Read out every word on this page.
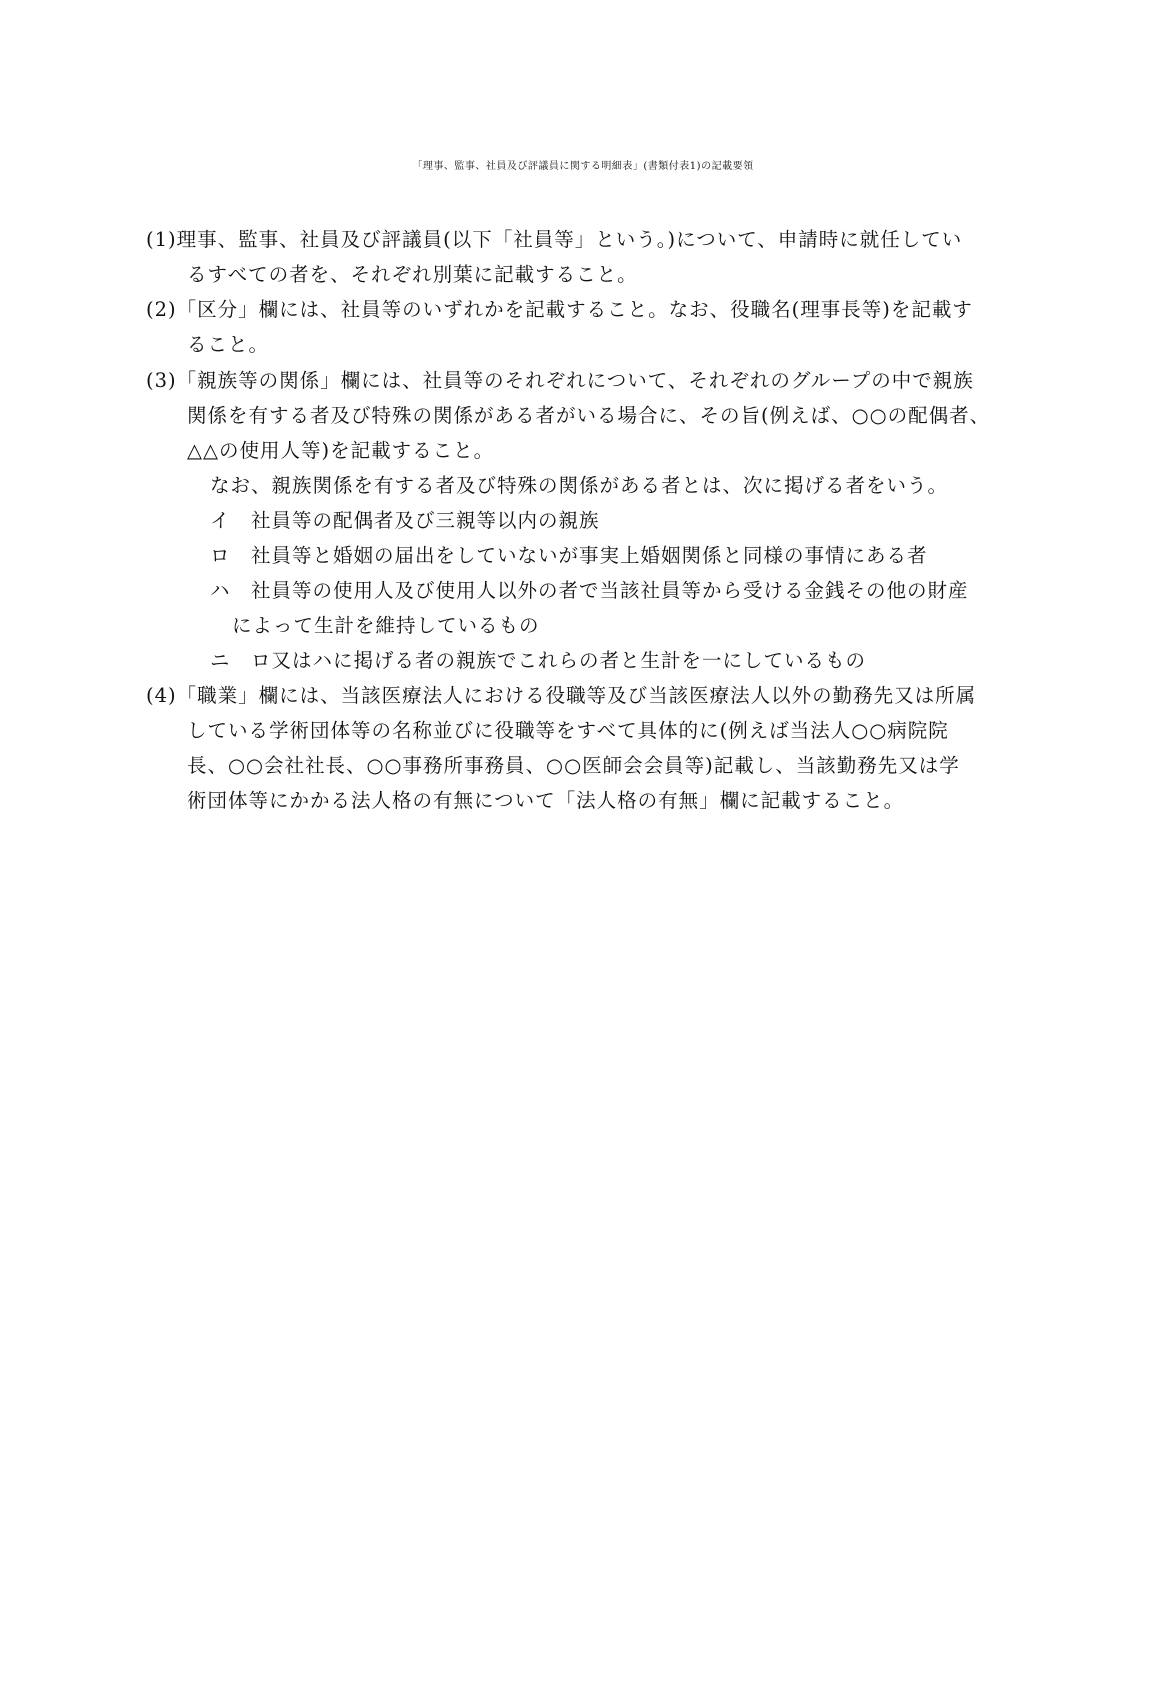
「理事、監事、社員及び評議員に関する明細表」(書類付表1)の記載要領
(1)理事、監事、社員及び評議員(以下「社員等」という。)について、申請時に就任してい
るすべての者を、それぞれ別葉に記載すること。
(2)「区分」欄には、社員等のいずれかを記載すること。なお、役職名(理事長等)を記載す
ること。
(3)「親族等の関係」欄には、社員等のそれぞれについて、それぞれのグループの中で親族
関係を有する者及び特殊の関係がある者がいる場合に、その旨(例えば、○○の配偶者、
△△の使用人等)を記載すること。
なお、親族関係を有する者及び特殊の関係がある者とは、次に掲げる者をいう。
イ　社員等の配偶者及び三親等以内の親族
ロ　社員等と婚姻の届出をしていないが事実上婚姻関係と同様の事情にある者
ハ　社員等の使用人及び使用人以外の者で当該社員等から受ける金銭その他の財産
によって生計を維持しているもの
ニ　ロ又はハに掲げる者の親族でこれらの者と生計を一にしているもの
(4)「職業」欄には、当該医療法人における役職等及び当該医療法人以外の勤務先又は所属
している学術団体等の名称並びに役職等をすべて具体的に(例えば当法人○○病院院
長、○○会社社長、○○事務所事務員、○○医師会会員等)記載し、当該勤務先又は学
術団体等にかかる法人格の有無について「法人格の有無」欄に記載すること。
